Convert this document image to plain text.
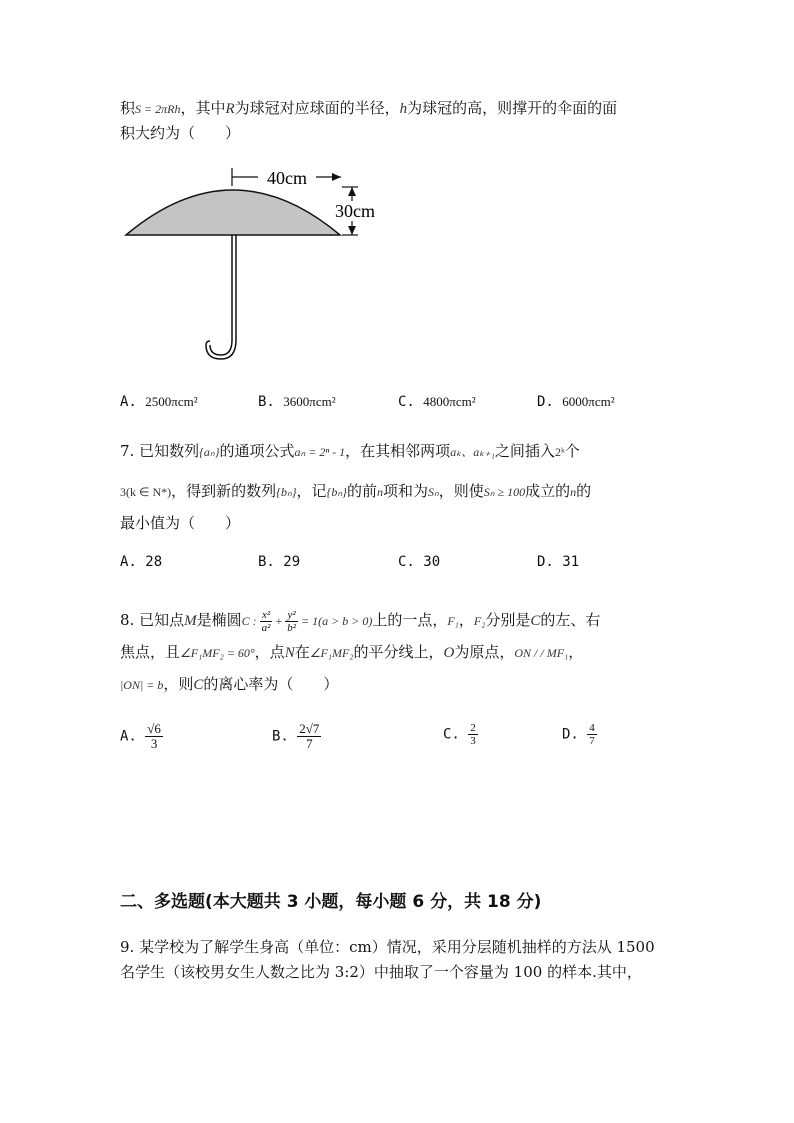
积S = 2πRh，其中R为球冠对应球面的半径，h为球冠的高，则撑开的伞面的面
积大约为（　　）
40cm
30cm
A. 2500πcm²	B. 3600πcm²	C. 4800πcm²	D. 6000πcm²
7. 已知数列{aₙ}的通项公式aₙ = 2ⁿ - 1，在其相邻两项aₖ、aₖ₊₁之间插入2ᵏ个
3(k ∈ N*)，得到新的数列{bₙ}，记{bₙ}的前n项和为Sₙ，则使Sₙ ≥ 100成立的n的
最小值为（　　）
A. 28	B. 29	C. 30	D. 31
8. 已知点M是椭圆C : $\frac{\text{x²}}{\text{a²}} + \frac{\text{y²}}{\text{b²}} = 1(a > b > 0)$上的一点，F₁，F₂分别是C的左、右
焦点，且∠F₁MF₂ = 60°，点N在∠F₁MF₂的平分线上，O为原点，ON / / MF₁，
|ON| = b，则C的离心率为（　　）
A. $\frac{√6}{3}$	B. $\frac{2√7}{7}$	C. $\frac{2}{3}$	D. $\frac{4}{7}$
二、多选题(本大题共 3 小题，每小题 6 分，共 18 分)
9. 某学校为了解学生身高（单位：cm）情况，采用分层随机抽样的方法从 1500
名学生（该校男女生人数之比为 3:2）中抽取了一个容量为 100 的样本.其中，
